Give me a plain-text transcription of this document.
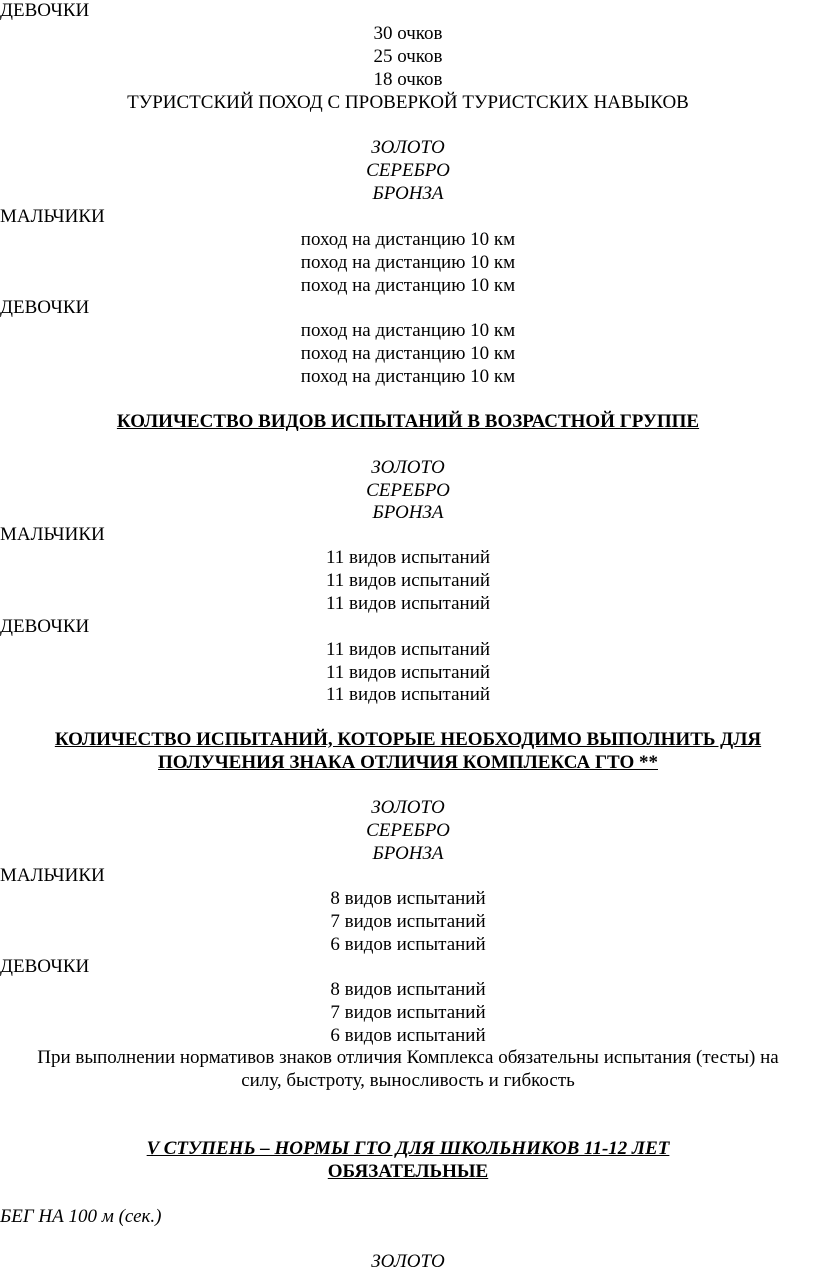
ДЕВОЧКИ
30 очков
25 очков
18 очков
ТУРИСТСКИЙ ПОХОД С ПРОВЕРКОЙ ТУРИСТСКИХ НАВЫКОВ
ЗОЛОТО
СЕРЕБРО
БРОНЗА
МАЛЬЧИКИ
поход на дистанцию 10 км
поход на дистанцию 10 км
поход на дистанцию 10 км
ДЕВОЧКИ
поход на дистанцию 10 км
поход на дистанцию 10 км
поход на дистанцию 10 км
КОЛИЧЕСТВО ВИДОВ ИСПЫТАНИЙ В ВОЗРАСТНОЙ ГРУППЕ
ЗОЛОТО
СЕРЕБРО
БРОНЗА
МАЛЬЧИКИ
11 видов испытаний
11 видов испытаний
11 видов испытаний
ДЕВОЧКИ
11 видов испытаний
11 видов испытаний
11 видов испытаний
КОЛИЧЕСТВО ИСПЫТАНИЙ, КОТОРЫЕ НЕОБХОДИМО ВЫПОЛНИТЬ ДЛЯ
ПОЛУЧЕНИЯ ЗНАКА ОТЛИЧИЯ КОМПЛЕКСА ГТО **
ЗОЛОТО
СЕРЕБРО
БРОНЗА
МАЛЬЧИКИ
8 видов испытаний
7 видов испытаний
6 видов испытаний
ДЕВОЧКИ
8 видов испытаний
7 видов испытаний
6 видов испытаний
При выполнении нормативов знаков отличия Комплекса обязательны испытания (тесты) на
силу, быстроту, выносливость и гибкость
V СТУПЕНЬ – НОРМЫ ГТО ДЛЯ ШКОЛЬНИКОВ 11-12 ЛЕТ
ОБЯЗАТЕЛЬНЫЕ
БЕГ НА 100 м (сек.)
ЗОЛОТО
